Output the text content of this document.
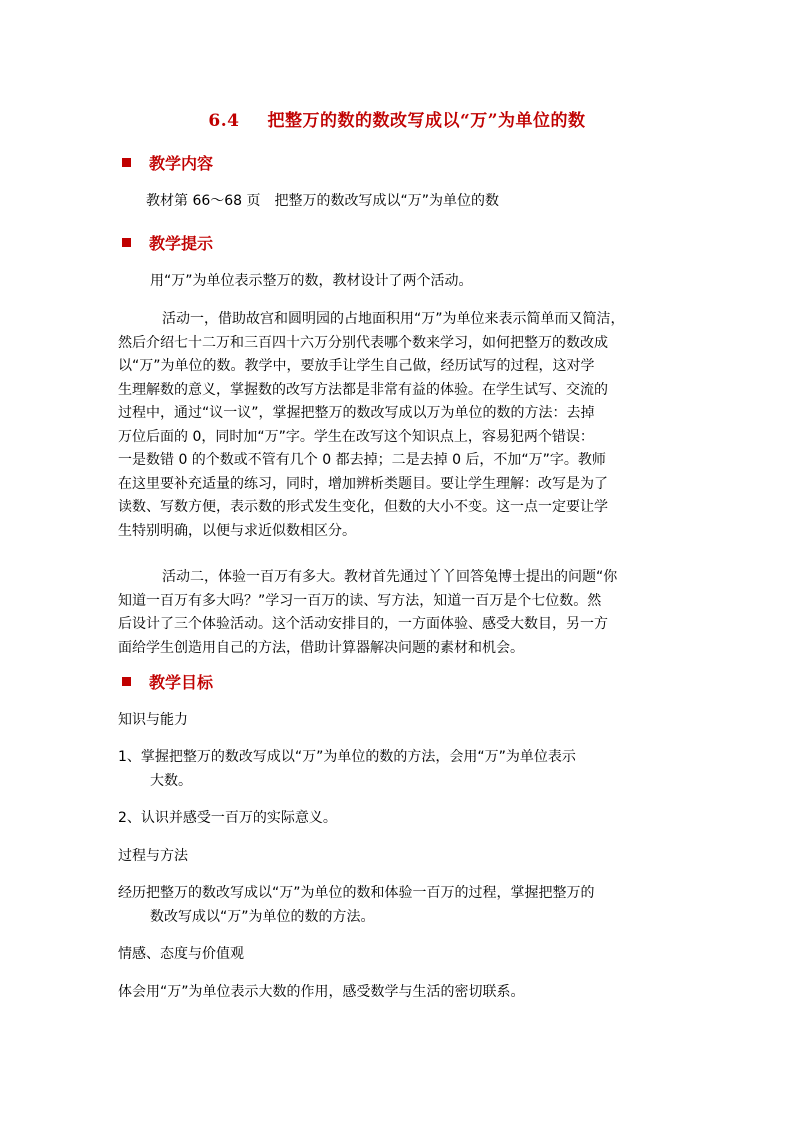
6.4 把整万的数的数改写成以“万”为单位的数
教学内容
教材第 66～68 页　把整万的数改写成以“万”为单位的数
教学提示
用“万”为单位表示整万的数，教材设计了两个活动。
活动一，借助故宫和圆明园的占地面积用“万”为单位来表示简单而又简洁，
然后介绍七十二万和三百四十六万分别代表哪个数来学习，如何把整万的数改成
以“万”为单位的数。教学中，要放手让学生自己做，经历试写的过程，这对学
生理解数的意义，掌握数的改写方法都是非常有益的体验。在学生试写、交流的
过程中，通过“议一议”，掌握把整万的数改写成以万为单位的数的方法：去掉
万位后面的 0，同时加“万”字。学生在改写这个知识点上，容易犯两个错误：
一是数错 0 的个数或不管有几个 0 都去掉；二是去掉 0 后，不加“万”字。教师
在这里要补充适量的练习，同时，增加辨析类题目。要让学生理解：改写是为了
读数、写数方便，表示数的形式发生变化，但数的大小不变。这一点一定要让学
生特别明确，以便与求近似数相区分。
活动二，体验一百万有多大。教材首先通过丫丫回答兔博士提出的问题“你
知道一百万有多大吗？”学习一百万的读、写方法，知道一百万是个七位数。然
后设计了三个体验活动。这个活动安排目的，一方面体验、感受大数目，另一方
面给学生创造用自己的方法，借助计算器解决问题的素材和机会。
教学目标
知识与能力
1、掌握把整万的数改写成以“万”为单位的数的方法，会用“万”为单位表示
大数。
2、认识并感受一百万的实际意义。
过程与方法
经历把整万的数改写成以“万”为单位的数和体验一百万的过程，掌握把整万的
数改写成以“万”为单位的数的方法。
情感、态度与价值观
体会用“万”为单位表示大数的作用，感受数学与生活的密切联系。
